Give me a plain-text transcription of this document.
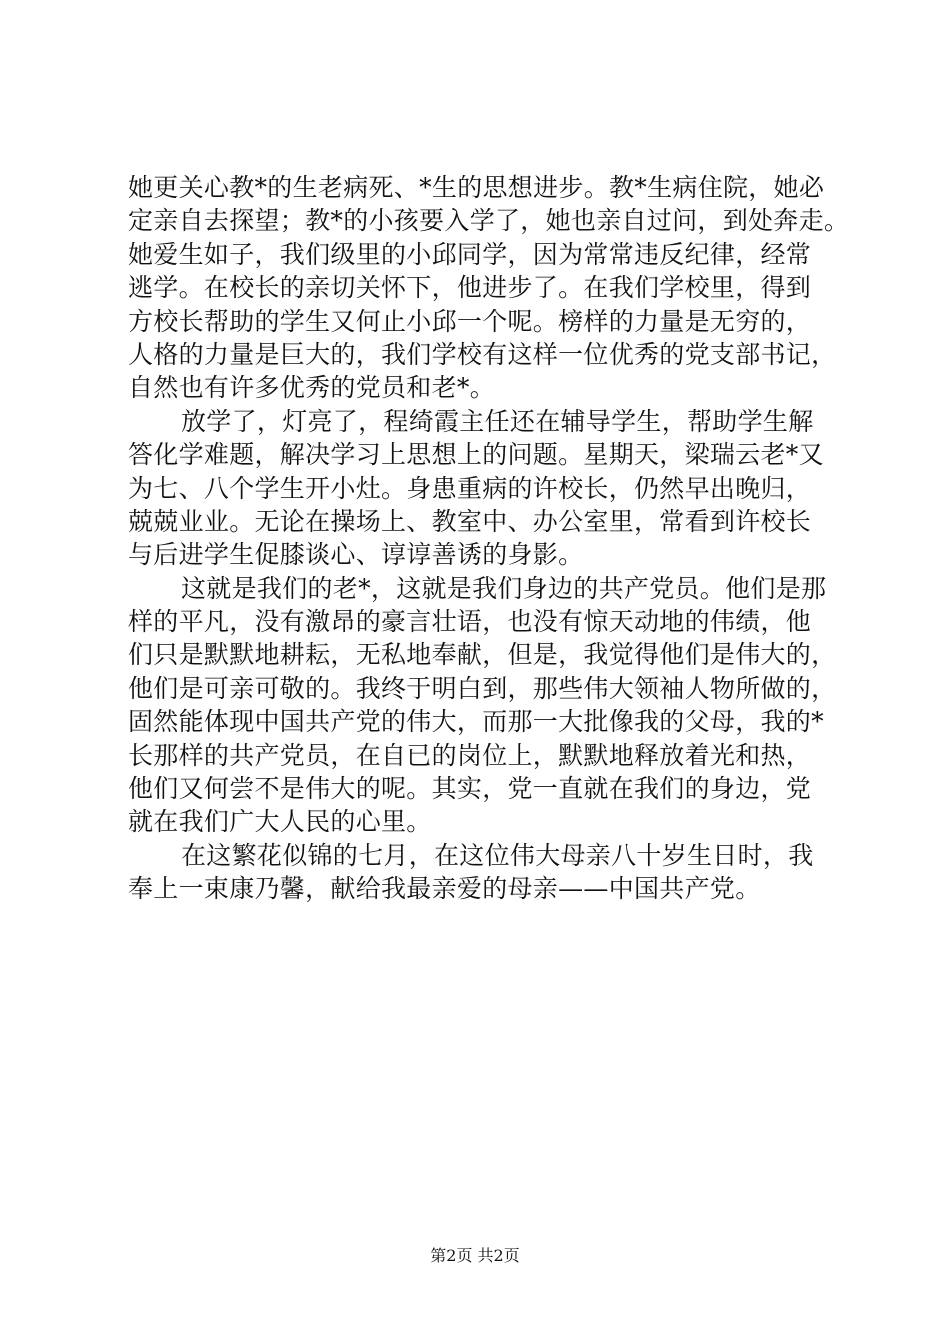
她更关心教*的生老病死、*生的思想进步。教*生病住院，她必
定亲自去探望；教*的小孩要入学了，她也亲自过问，到处奔走。
她爱生如子，我们级里的小邱同学，因为常常违反纪律，经常
逃学。在校长的亲切关怀下，他进步了。在我们学校里，得到
方校长帮助的学生又何止小邱一个呢。榜样的力量是无穷的，
人格的力量是巨大的，我们学校有这样一位优秀的党支部书记，
自然也有许多优秀的党员和老*。
放学了，灯亮了，程绮霞主任还在辅导学生，帮助学生解
答化学难题，解决学习上思想上的问题。星期天，梁瑞云老*又
为七、八个学生开小灶。身患重病的许校长，仍然早出晚归，
兢兢业业。无论在操场上、教室中、办公室里，常看到许校长
与后进学生促膝谈心、谆谆善诱的身影。
这就是我们的老*，这就是我们身边的共产党员。他们是那
样的平凡，没有激昂的豪言壮语，也没有惊天动地的伟绩，他
们只是默默地耕耘，无私地奉献，但是，我觉得他们是伟大的，
他们是可亲可敬的。我终于明白到，那些伟大领袖人物所做的，
固然能体现中国共产党的伟大，而那一大批像我的父母，我的*
长那样的共产党员，在自已的岗位上，默默地释放着光和热，
他们又何尝不是伟大的呢。其实，党一直就在我们的身边，党
就在我们广大人民的心里。
在这繁花似锦的七月，在这位伟大母亲八十岁生日时，我
奉上一束康乃馨，献给我最亲爱的母亲——中国共产党。
第2页 共2页
